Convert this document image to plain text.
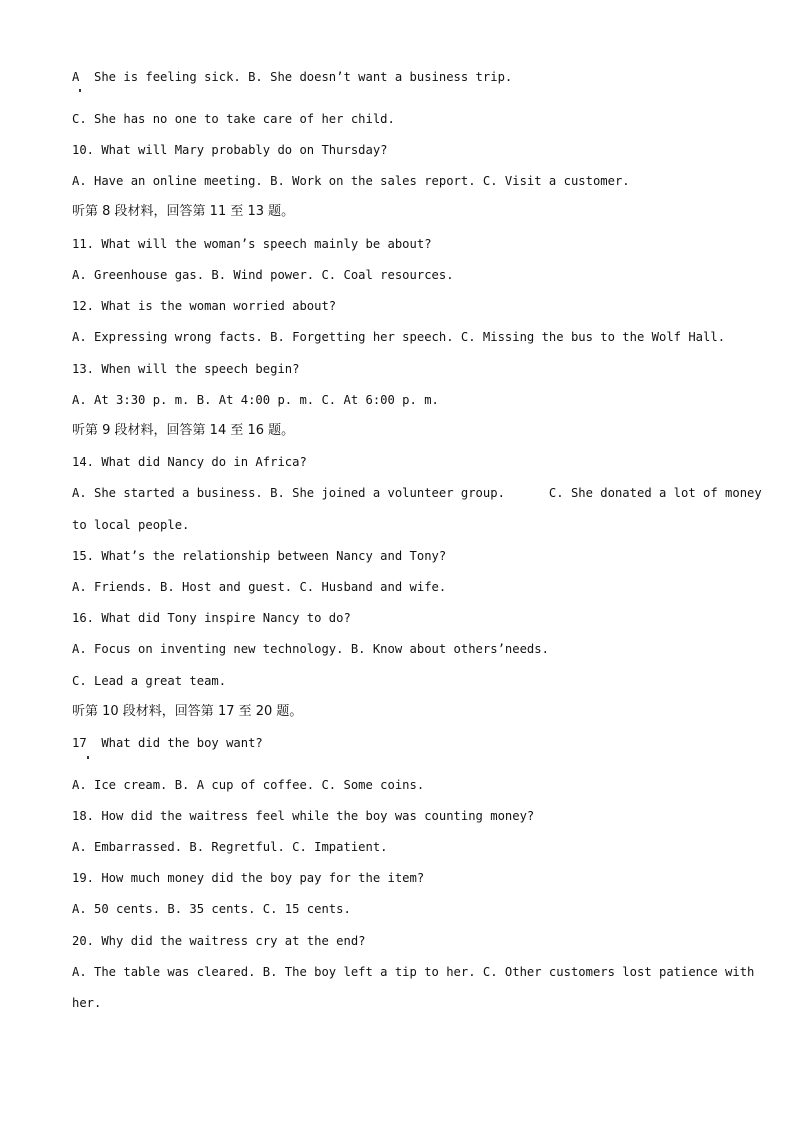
A  She is feeling sick. B. She doesn’t want a business trip.
C. She has no one to take care of her child.
10. What will Mary probably do on Thursday?
A. Have an online meeting. B. Work on the sales report. C. Visit a customer.
听第 8 段材料，回答第 11 至 13 题。
11. What will the woman’s speech mainly be about?
A. Greenhouse gas. B. Wind power. C. Coal resources.
12. What is the woman worried about?
A. Expressing wrong facts. B. Forgetting her speech. C. Missing the bus to the Wolf Hall.
13. When will the speech begin?
A. At 3:30 p. m. B. At 4:00 p. m. C. At 6:00 p. m.
听第 9 段材料，回答第 14 至 16 题。
14. What did Nancy do in Africa?
A. She started a business. B. She joined a volunteer group.      C. She donated a lot of money
to local people.
15. What’s the relationship between Nancy and Tony?
A. Friends. B. Host and guest. C. Husband and wife.
16. What did Tony inspire Nancy to do?
A. Focus on inventing new technology. B. Know about others’needs.
C. Lead a great team.
听第 10 段材料，回答第 17 至 20 题。
17  What did the boy want?
A. Ice cream. B. A cup of coffee. C. Some coins.
18. How did the waitress feel while the boy was counting money?
A. Embarrassed. B. Regretful. C. Impatient.
19. How much money did the boy pay for the item?
A. 50 cents. B. 35 cents. C. 15 cents.
20. Why did the waitress cry at the end?
A. The table was cleared. B. The boy left a tip to her. C. Other customers lost patience with
her.
